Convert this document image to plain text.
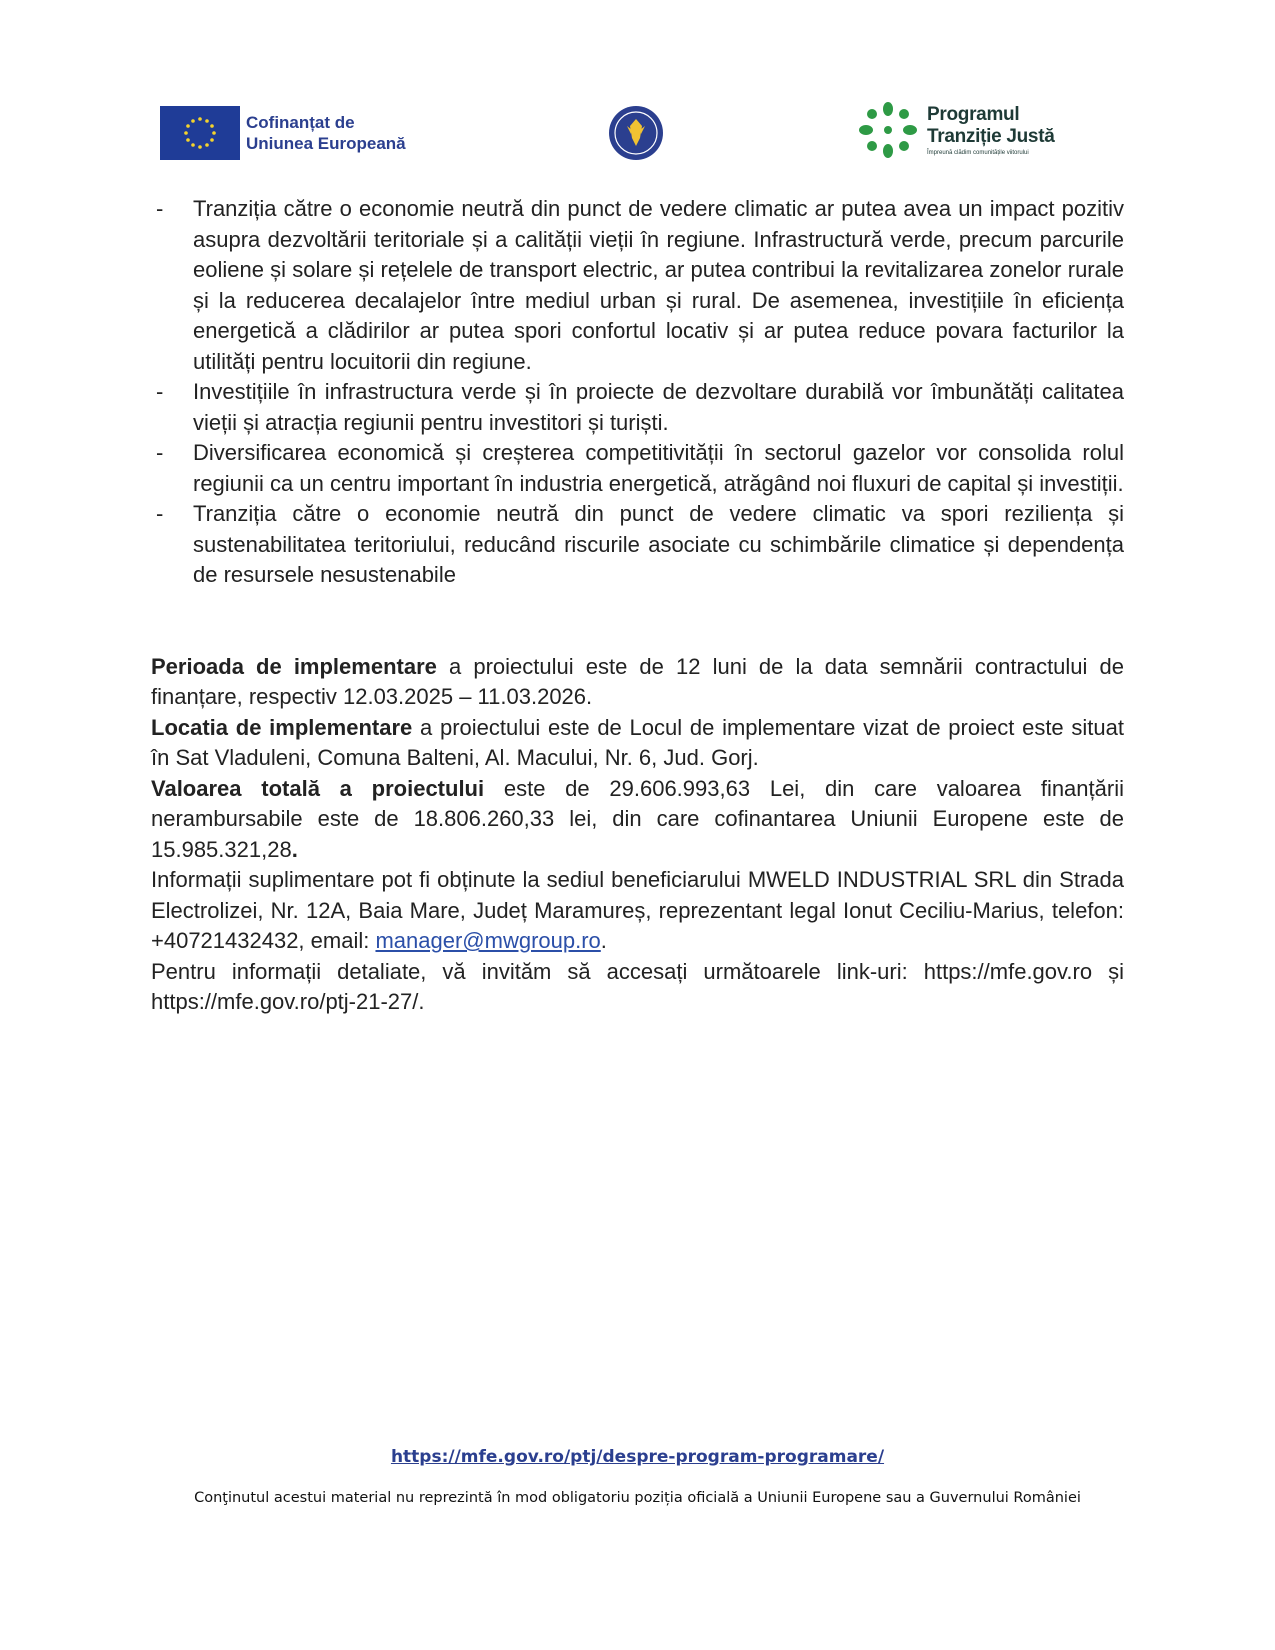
Cofinanțat de
Uniunea Europeană
Programul
Tranziție Justă
Împreună clădim comunitățile viitorului
- Tranziția către o economie neutră din punct de vedere climatic ar putea avea un impact pozitiv asupra dezvoltării teritoriale și a calității vieții în regiune. Infrastructură verde, precum parcurile eoliene și solare și rețelele de transport electric, ar putea contribui la revitalizarea zonelor rurale și la reducerea decalajelor între mediul urban și rural. De asemenea, investițiile în eficiența energetică a clădirilor ar putea spori confortul locativ și ar putea reduce povara facturilor la utilități pentru locuitorii din regiune.
- Investițiile în infrastructura verde și în proiecte de dezvoltare durabilă vor îmbunătăți calitatea vieții și atracția regiunii pentru investitori și turiști.
- Diversificarea economică și creșterea competitivității în sectorul gazelor vor consolida rolul regiunii ca un centru important în industria energetică, atrăgând noi fluxuri de capital și investiții.
- Tranziția către o economie neutră din punct de vedere climatic va spori reziliența și sustenabilitatea teritoriului, reducând riscurile asociate cu schimbările climatice și dependența de resursele nesustenabile

Perioada de implementare a proiectului este de 12 luni de la data semnării contractului de finanțare, respectiv 12.03.2025 – 11.03.2026.

Locatia de implementare a proiectului este de Locul de implementare vizat de proiect este situat în Sat Vladuleni, Comuna Balteni, Al. Macului, Nr. 6, Jud. Gorj.

Valoarea totală a proiectului este de 29.606.993,63 Lei, din care valoarea finanțării nerambursabile este de 18.806.260,33 lei, din care cofinantarea Uniunii Europene este de 15.985.321,28.

Informații suplimentare pot fi obținute la sediul beneficiarului MWELD INDUSTRIAL SRL din Strada Electrolizei, Nr. 12A, Baia Mare, Județ Maramureș, reprezentant legal Ionut Ceciliu-Marius, telefon: +40721432432, email: manager@mwgroup.ro.

Pentru informații detaliate, vă invităm să accesați următoarele link-uri: https://mfe.gov.ro și https://mfe.gov.ro/ptj-21-27/.

https://mfe.gov.ro/ptj/despre-program-programare/
Conţinutul acestui material nu reprezintă în mod obligatoriu poziția oficială a Uniunii Europene sau a Guvernului României
